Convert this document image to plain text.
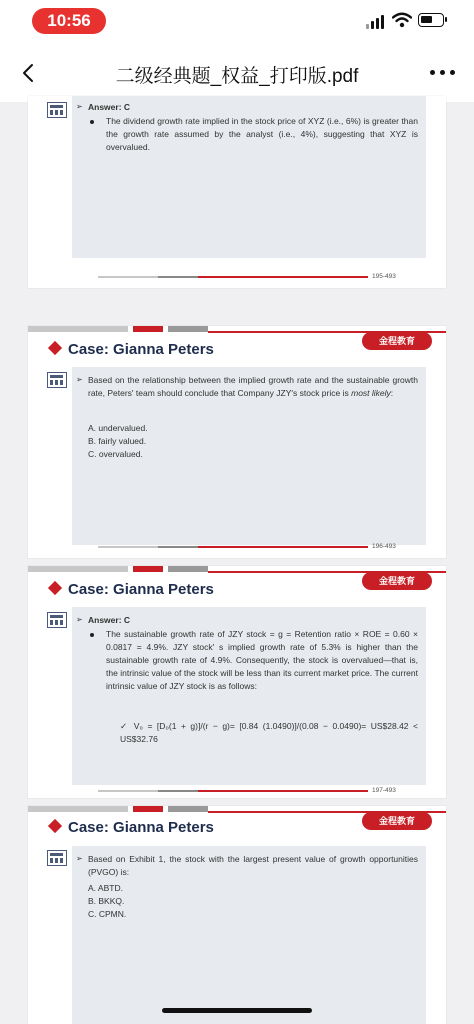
10:56
二级经典题_权益_打印版.pdf
➢ Answer: C
The dividend growth rate implied in the stock price of XYZ (i.e., 6%) is greater than the growth rate assumed by the analyst (i.e., 4%), suggesting that XYZ is overvalued.
195-493
金程教育
Case: Gianna Peters
➢ Based on the relationship between the implied growth rate and the sustainable growth rate, Peters' team should conclude that Company JZY's stock price is most likely:
A. undervalued.
B. fairly valued.
C. overvalued.
196-493
金程教育
Case: Gianna Peters
➢ Answer: C
The sustainable growth rate of JZY stock = g = Retention ratio × ROE = 0.60 × 0.0817 = 4.9%. JZY stock' s implied growth rate of 5.3% is higher than the sustainable growth rate of 4.9%. Consequently, the stock is overvalued—that is, the intrinsic value of the stock will be less than its current market price. The current intrinsic value of JZY stock is as follows:
✓ V₀ = [D₀(1 + g)]/(r − g)= [0.84 (1.0490)]/(0.08 − 0.0490)= US$28.42 < US$32.76
197-493
金程教育
Case: Gianna Peters
➢ Based on Exhibit 1, the stock with the largest present value of growth opportunities (PVGO) is:
A. ABTD.
B. BKKQ.
C. CPMN.
